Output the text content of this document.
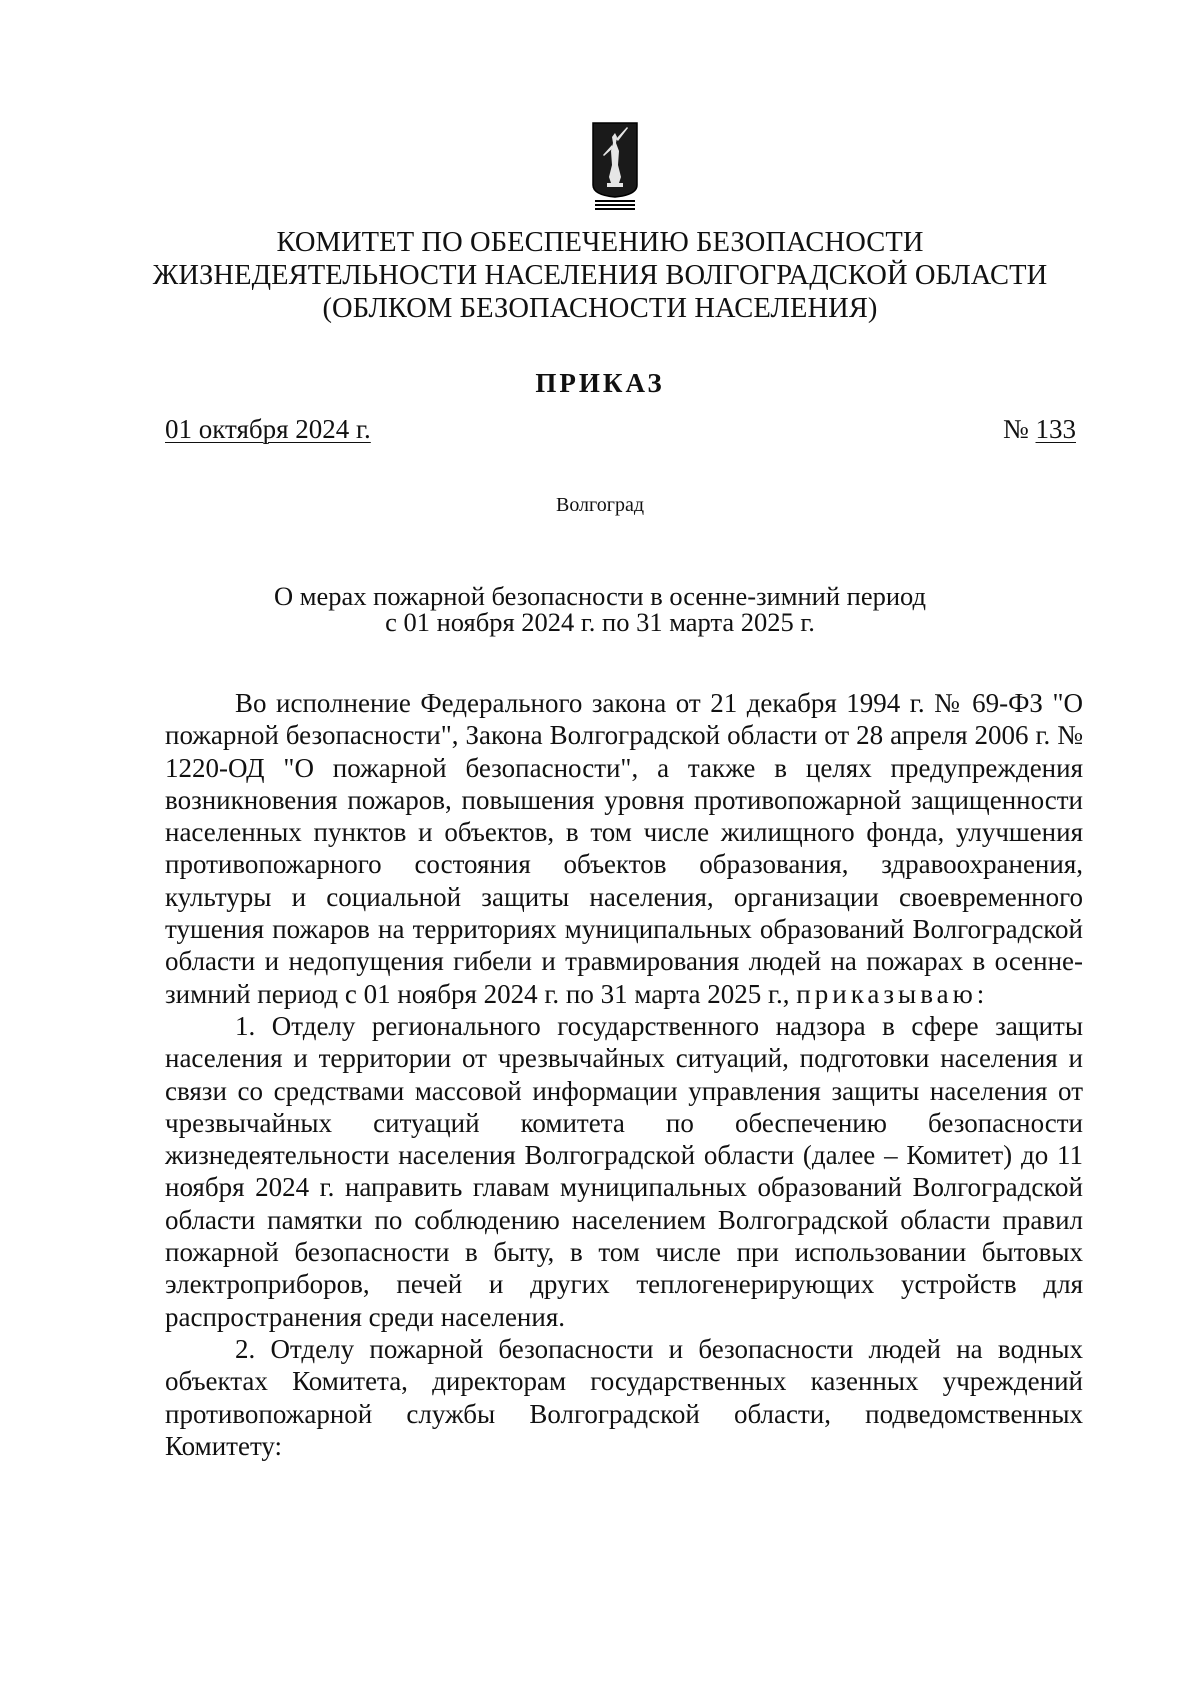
КОМИТЕТ ПО ОБЕСПЕЧЕНИЮ БЕЗОПАСНОСТИ
ЖИЗНЕДЕЯТЕЛЬНОСТИ НАСЕЛЕНИЯ ВОЛГОГРАДСКОЙ ОБЛАСТИ
(ОБЛКОМ БЕЗОПАСНОСТИ НАСЕЛЕНИЯ)
ПРИКАЗ
01 октября 2024 г.	№ 133
Волгоград
О мерах пожарной безопасности в осенне-зимний период
с 01 ноября 2024 г. по 31 марта 2025 г.

Во исполнение Федерального закона от 21 декабря 1994 г. № 69-ФЗ "О пожарной безопасности", Закона Волгоградской области от 28 апреля 2006 г. № 1220-ОД "О пожарной безопасности", а также в целях предупреждения возникновения пожаров, повышения уровня противопожарной защищенности населенных пунктов и объектов, в том числе жилищного фонда, улучшения противопожарного состояния объектов образования, здравоохранения, культуры и социальной защиты населения, организации своевременного тушения пожаров на территориях муниципальных образований Волгоградской области и недопущения гибели и травмирования людей на пожарах в осенне-зимний период с 01 ноября 2024 г. по 31 марта 2025 г., приказываю:

1. Отделу регионального государственного надзора в сфере защиты населения и территории от чрезвычайных ситуаций, подготовки населения и связи со средствами массовой информации управления защиты населения от чрезвычайных ситуаций комитета по обеспечению безопасности жизнедеятельности населения Волгоградской области (далее – Комитет) до 11 ноября 2024 г. направить главам муниципальных образований Волгоградской области памятки по соблюдению населением Волгоградской области правил пожарной безопасности в быту, в том числе при использовании бытовых электроприборов, печей и других теплогенерирующих устройств для распространения среди населения.

2. Отделу пожарной безопасности и безопасности людей на водных объектах Комитета, директорам государственных казенных учреждений противопожарной службы Волгоградской области, подведомственных Комитету:
